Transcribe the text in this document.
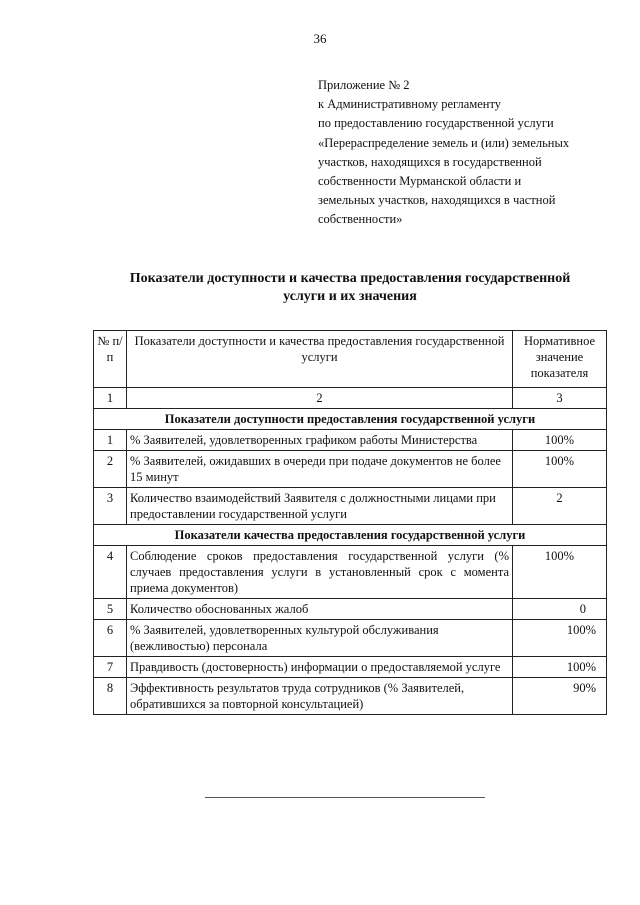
36
Приложение № 2
к Административному регламенту
по предоставлению государственной услуги
«Перераспределение земель и (или) земельных
участков, находящихся в государственной
собственности Мурманской области и
земельных участков, находящихся в частной
собственности»
Показатели доступности и качества предоставления государственной
услуги и их значения
№ п/п	Показатели доступности и качества предоставления государственной услуги	Нормативное значение показателя
1	2	3
Показатели доступности предоставления государственной услуги		
1	% Заявителей, удовлетворенных графиком работы Министерства	100%
2	% Заявителей, ожидавших в очереди при подаче документов не более 15 минут	100%
3	Количество взаимодействий Заявителя с должностными лицами при предоставлении государственной услуги	2
Показатели качества предоставления государственной услуги		
4	Соблюдение сроков предоставления государственной услуги (% случаев предоставления услуги в установленный срок с момента приема документов)	100%
5	Количество обоснованных жалоб	0
6	% Заявителей, удовлетворенных культурой обслуживания (вежливостью) персонала	100%
7	Правдивость (достоверность) информации о предоставляемой услуге	100%
8	Эффективность результатов труда сотрудников (% Заявителей, обратившихся за повторной консультацией)	90%
